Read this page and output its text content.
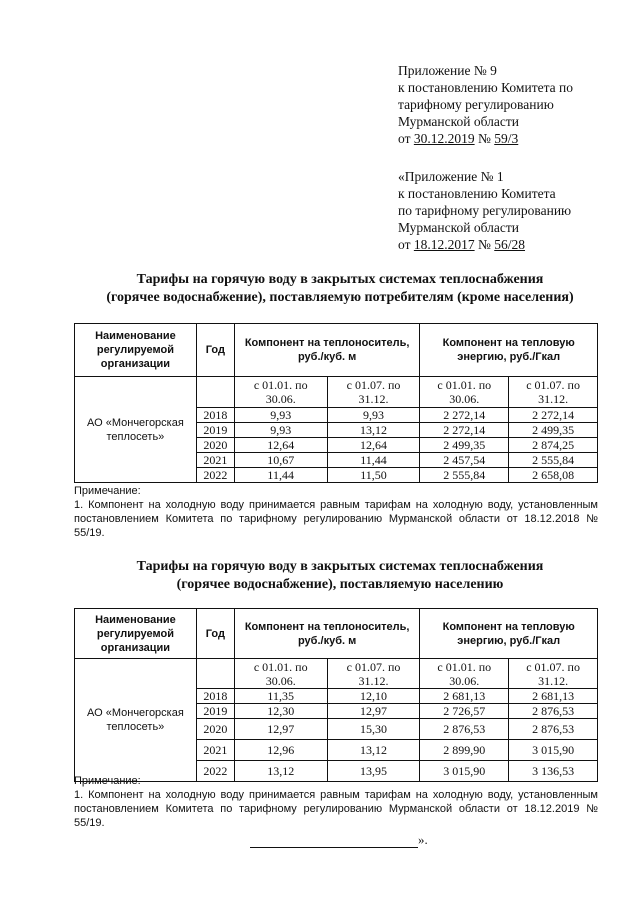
Приложение № 9
к постановлению Комитета по
тарифному регулированию
Мурманской области
от 30.12.2019 № 59/3
«Приложение № 1
к постановлению Комитета
по тарифному регулированию
Мурманской области
от 18.12.2017 № 56/28
Тарифы на горячую воду в закрытых системах теплоснабжения
(горячее водоснабжение), поставляемую потребителям (кроме населения)
Наименование регулируемой организации	Год	Компонент на теплоноситель, руб./куб. м		Компонент на тепловую энергию, руб./Гкал	
АО «Мончегорская теплосеть»		с 01.01. по 30.06.	с 01.07. по 31.12.	с 01.01. по 30.06.	с 01.07. по 31.12.
	2018	9,93	9,93	2 272,14	2 272,14
	2019	9,93	13,12	2 272,14	2 499,35
	2020	12,64	12,64	2 499,35	2 874,25
	2021	10,67	11,44	2 457,54	2 555,84
	2022	11,44	11,50	2 555,84	2 658,08
Примечание:
1. Компонент на холодную воду принимается равным тарифам на холодную воду, установленным постановлением Комитета по тарифному регулированию Мурманской области от 18.12.2018 № 55/19.
Тарифы на горячую воду в закрытых системах теплоснабжения
(горячее водоснабжение), поставляемую населению
Наименование регулируемой организации	Год	Компонент на теплоноситель, руб./куб. м		Компонент на тепловую энергию, руб./Гкал	
АО «Мончегорская теплосеть»		с 01.01. по 30.06.	с 01.07. по 31.12.	с 01.01. по 30.06.	с 01.07. по 31.12.
	2018	11,35	12,10	2 681,13	2 681,13
	2019	12,30	12,97	2 726,57	2 876,53
	2020	12,97	15,30	2 876,53	2 876,53
	2021	12,96	13,12	2 899,90	3 015,90
	2022	13,12	13,95	3 015,90	3 136,53
Примечание:
1. Компонент на холодную воду принимается равным тарифам на холодную воду, установленным постановлением Комитета по тарифному регулированию Мурманской области от 18.12.2019 № 55/19.
».
